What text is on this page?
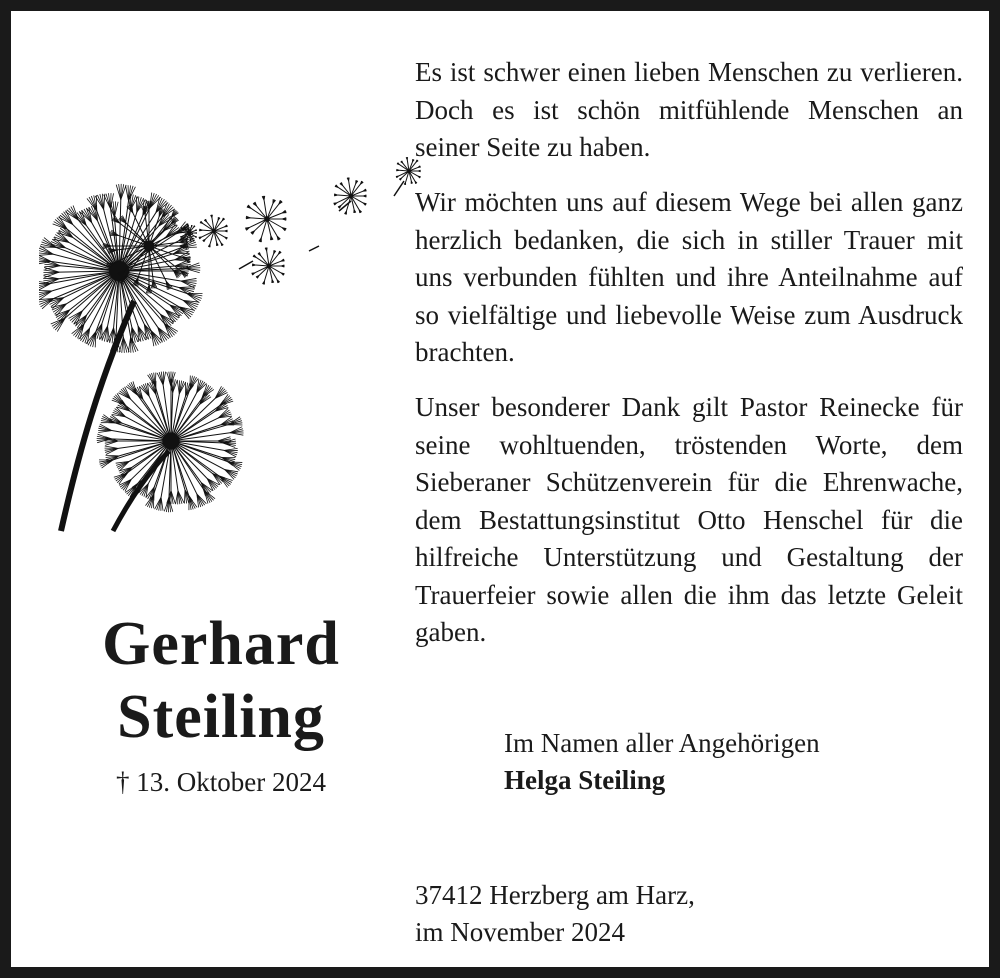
Gerhard
Steiling
† 13. Oktober 2024

Es ist schwer einen lieben Menschen zu verlieren. Doch es ist schön mitfühlende Menschen an seiner Seite zu haben.

Wir möchten uns auf diesem Wege bei allen ganz herzlich bedanken, die sich in stiller Trauer mit uns verbunden fühlten und ihre Anteilnahme auf so vielfältige und liebevolle Weise zum Ausdruck brachten.

Unser besonderer Dank gilt Pastor Reinecke für seine wohltuenden, tröstenden Worte, dem Sieberaner Schützenverein für die Ehrenwache, dem Bestattungsinstitut Otto Henschel für die hilfreiche Unterstützung und Gestaltung der Trauerfeier sowie allen die ihm das letzte Geleit gaben.

Im Namen aller Angehörigen
Helga Steiling
37412 Herzberg am Harz,
im November 2024
